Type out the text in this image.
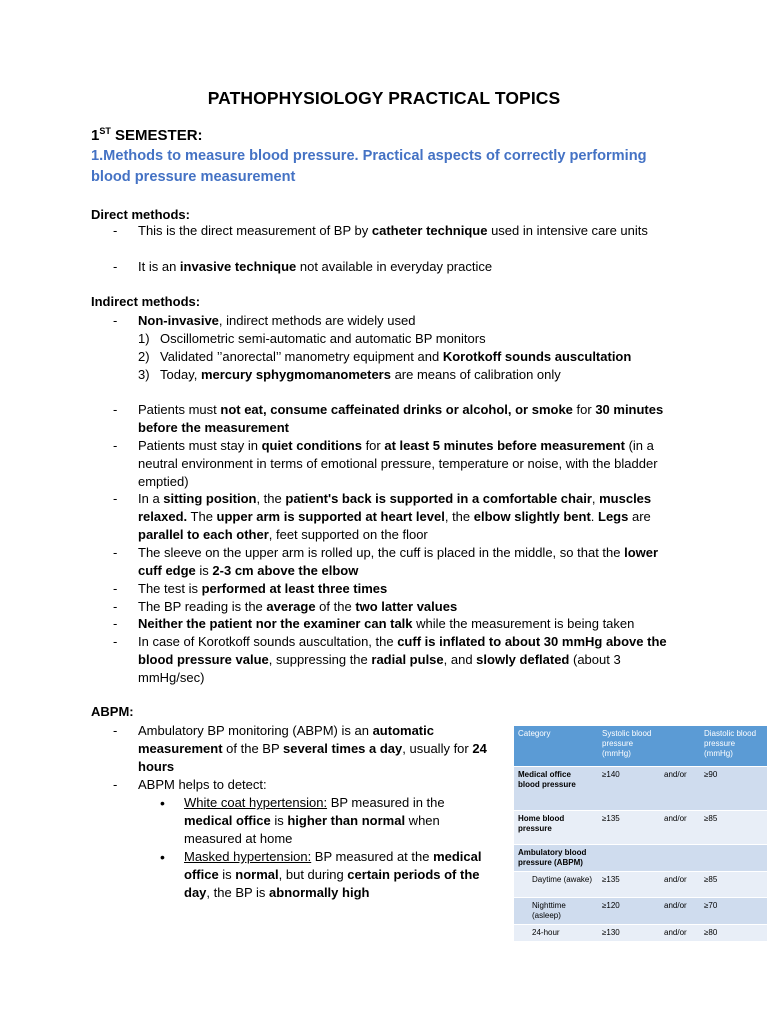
PATHOPHYSIOLOGY PRACTICAL TOPICS
1ST SEMESTER:
1.Methods to measure blood pressure. Practical aspects of correctly performing blood pressure measurement
Direct methods:
- This is the direct measurement of BP by catheter technique used in intensive care units
- It is an invasive technique not available in everyday practice
Indirect methods:
- Non-invasive, indirect methods are widely used
1) Oscillometric semi-automatic and automatic BP monitors
2) Validated ’’anorectal’’ manometry equipment and Korotkoff sounds auscultation
3) Today, mercury sphygmomanometers are means of calibration only
- Patients must not eat, consume caffeinated drinks or alcohol, or smoke for 30 minutes before the measurement
- Patients must stay in quiet conditions for at least 5 minutes before measurement (in a neutral environment in terms of emotional pressure, temperature or noise, with the bladder emptied)
- In a sitting position, the patient's back is supported in a comfortable chair, muscles relaxed. The upper arm is supported at heart level, the elbow slightly bent. Legs are parallel to each other, feet supported on the floor
- The sleeve on the upper arm is rolled up, the cuff is placed in the middle, so that the lower cuff edge is 2-3 cm above the elbow
- The test is performed at least three times
- The BP reading is the average of the two latter values
- Neither the patient nor the examiner can talk while the measurement is being taken
- In case of Korotkoff sounds auscultation, the cuff is inflated to about 30 mmHg above the blood pressure value, suppressing the radial pulse, and slowly deflated (about 3 mmHg/sec)
ABPM:
- Ambulatory BP monitoring (ABPM) is an automatic measurement of the BP several times a day, usually for 24 hours
- ABPM helps to detect:
• White coat hypertension: BP measured in the medical office is higher than normal when measured at home
• Masked hypertension: BP measured at the medical office is normal, but during certain periods of the day, the BP is abnormally high
Category	Systolic blood pressure (mmHg)		Diastolic blood pressure (mmHg)
Medical office blood pressure	≥140	and/or	≥90
Home blood pressure	≥135	and/or	≥85
Ambulatory blood pressure (ABPM)			
Daytime (awake)	≥135	and/or	≥85
Nighttime (asleep)	≥120	and/or	≥70
24-hour	≥130	and/or	≥80
